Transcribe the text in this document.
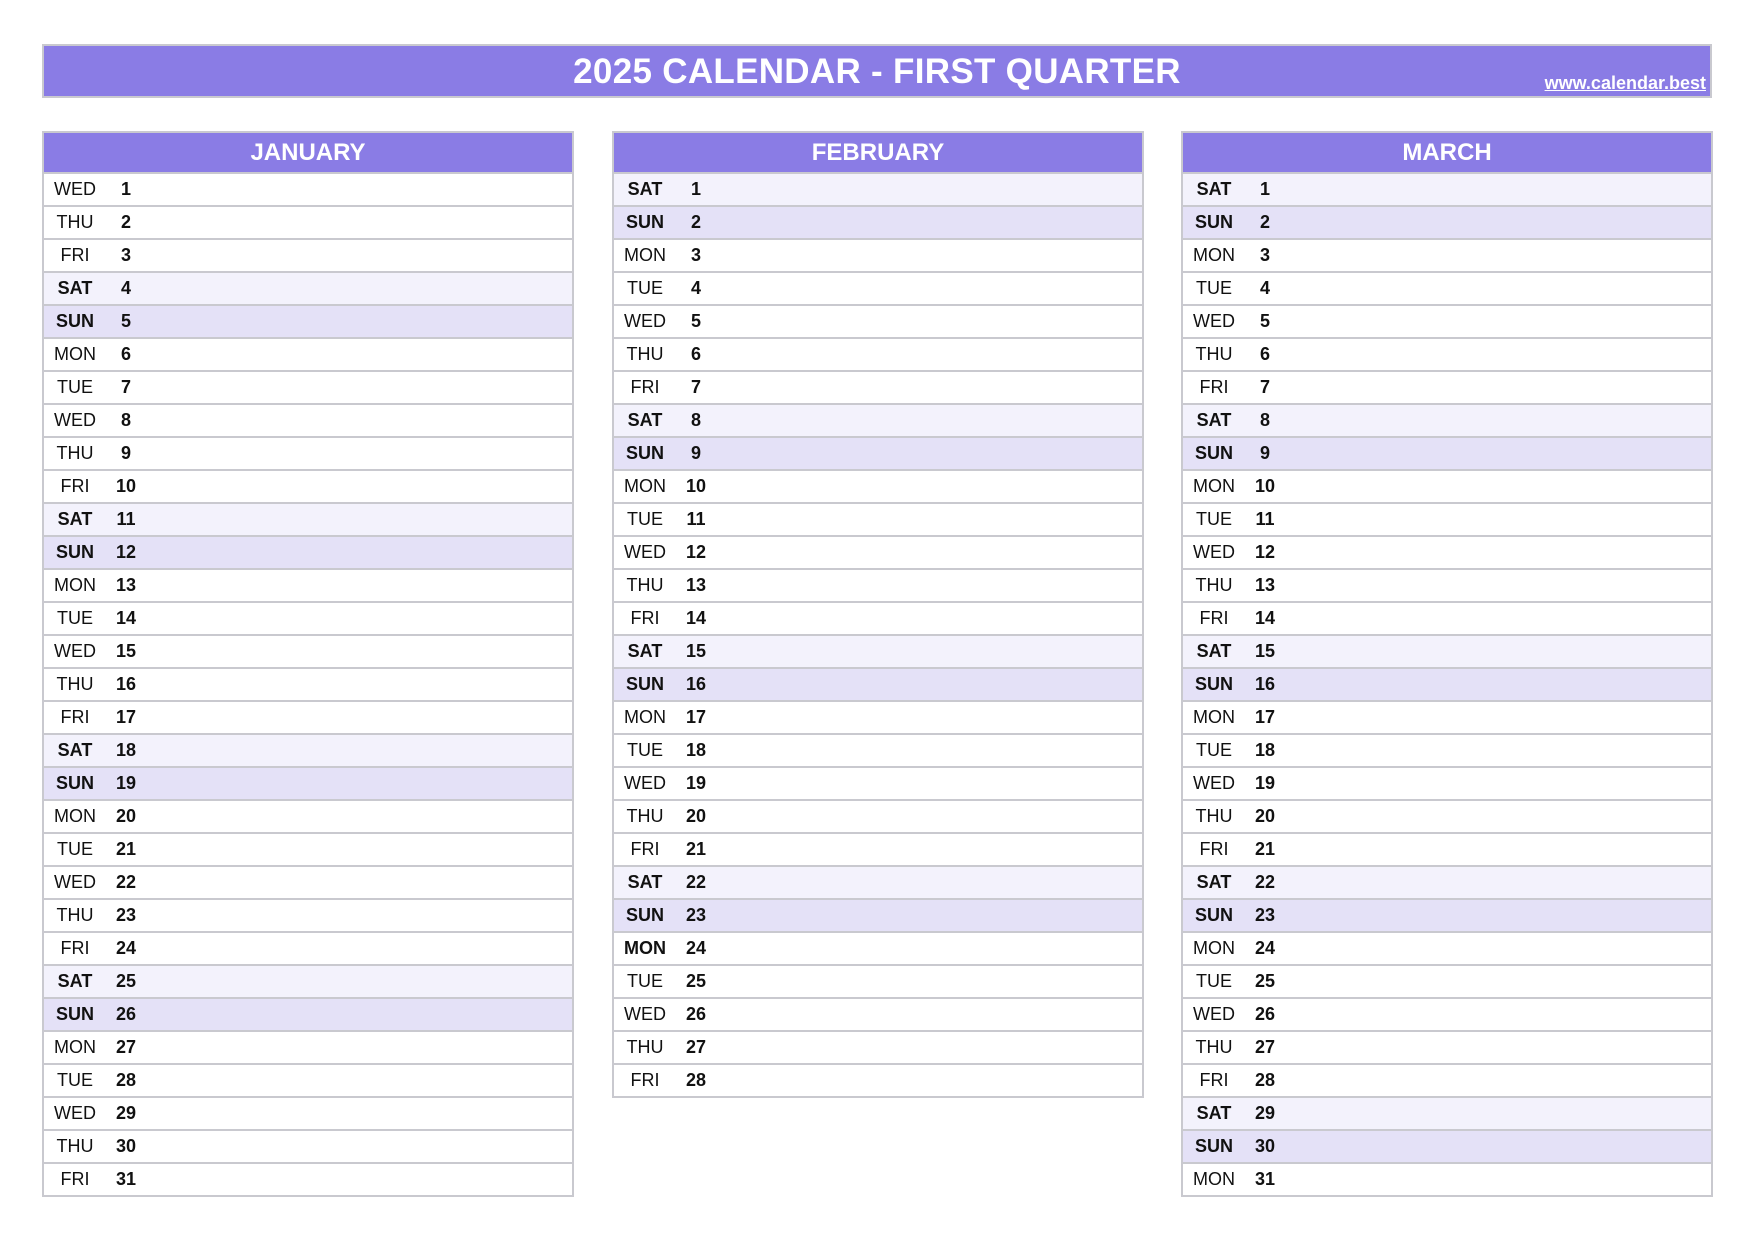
2025 CALENDAR - FIRST QUARTER	www.calendar.best
JANUARY
WED	1
THU	2
FRI	3
SAT	4
SUN	5
MON	6
TUE	7
WED	8
THU	9
FRI	10
SAT	11
SUN	12
MON	13
TUE	14
WED	15
THU	16
FRI	17
SAT	18
SUN	19
MON	20
TUE	21
WED	22
THU	23
FRI	24
SAT	25
SUN	26
MON	27
TUE	28
WED	29
THU	30
FRI	31
FEBRUARY
SAT	1
SUN	2
MON	3
TUE	4
WED	5
THU	6
FRI	7
SAT	8
SUN	9
MON	10
TUE	11
WED	12
THU	13
FRI	14
SAT	15
SUN	16
MON	17
TUE	18
WED	19
THU	20
FRI	21
SAT	22
SUN	23
MON	24
TUE	25
WED	26
THU	27
FRI	28
MARCH
SAT	1
SUN	2
MON	3
TUE	4
WED	5
THU	6
FRI	7
SAT	8
SUN	9
MON	10
TUE	11
WED	12
THU	13
FRI	14
SAT	15
SUN	16
MON	17
TUE	18
WED	19
THU	20
FRI	21
SAT	22
SUN	23
MON	24
TUE	25
WED	26
THU	27
FRI	28
SAT	29
SUN	30
MON	31
